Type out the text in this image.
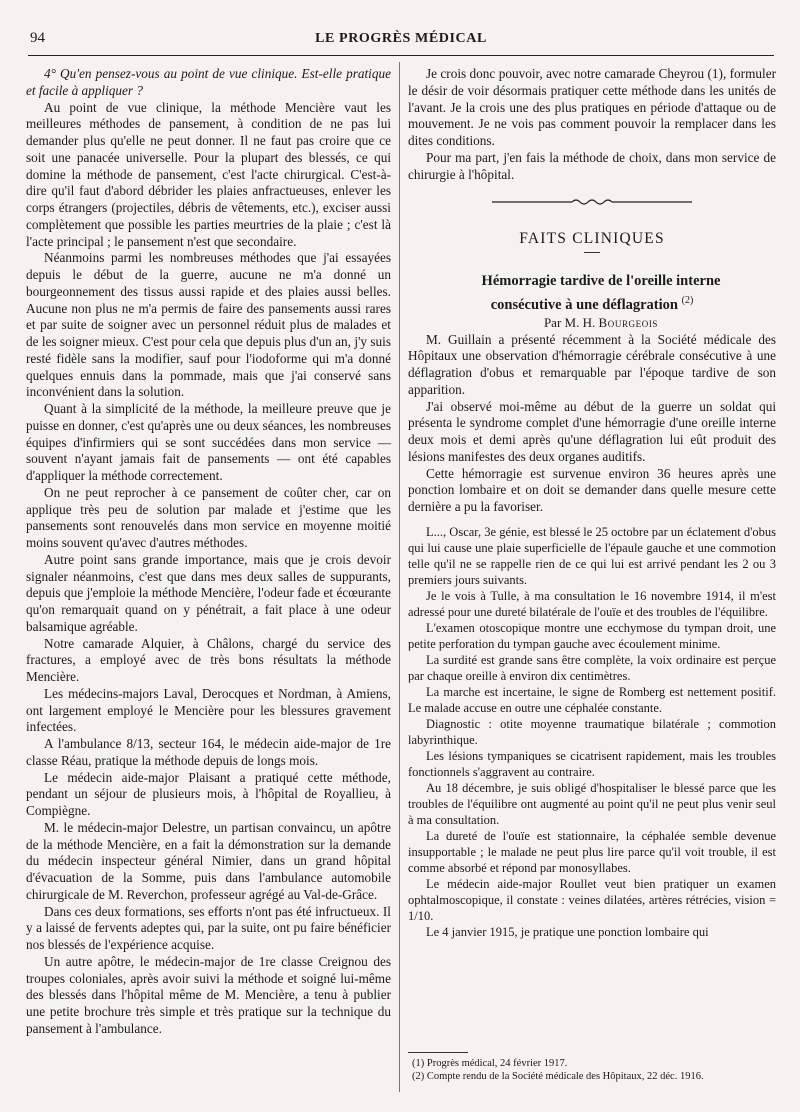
94	LE PROGRÈS MÉDICAL

4° Qu'en pensez-vous au point de vue clinique. Est-elle pratique et facile à appliquer ?

Au point de vue clinique, la méthode Mencière vaut les meilleures méthodes de pansement, à condition de ne pas lui demander plus qu'elle ne peut donner. Il ne faut pas croire que ce soit une panacée universelle. Pour la plupart des blessés, ce qui domine la méthode de pansement, c'est l'acte chirurgical. C'est-à-dire qu'il faut d'abord débrider les plaies anfractueuses, enlever les corps étrangers (projectiles, débris de vêtements, etc.), exciser aussi complètement que possible les parties meurtries de la plaie ; c'est là l'acte principal ; le pansement n'est que secondaire.

Néanmoins parmi les nombreuses méthodes que j'ai essayées depuis le début de la guerre, aucune ne m'a donné un bourgeonnement des tissus aussi rapide et des plaies aussi belles. Aucune non plus ne m'a permis de faire des pansements aussi rares et par suite de soigner avec un personnel réduit plus de malades et de les soigner mieux. C'est pour cela que depuis plus d'un an, j'y suis resté fidèle sans la modifier, sauf pour l'iodoforme qui m'a donné quelques ennuis dans la pommade, mais que j'ai conservé sans inconvénient dans la solution.

Quant à la simplicité de la méthode, la meilleure preuve que je puisse en donner, c'est qu'après une ou deux séances, les nombreuses équipes d'infirmiers qui se sont succédées dans mon service — souvent n'ayant jamais fait de pansements — ont été capables d'appliquer la méthode correctement.

On ne peut reprocher à ce pansement de coûter cher, car on applique très peu de solution par malade et j'estime que les pansements sont renouvelés dans mon service en moyenne moitié moins souvent qu'avec d'autres méthodes.

Autre point sans grande importance, mais que je crois devoir signaler néanmoins, c'est que dans mes deux salles de suppurants, depuis que j'emploie la méthode Mencière, l'odeur fade et écœurante qu'on remarquait quand on y pénétrait, a fait place à une odeur balsamique agréable.

Notre camarade Alquier, à Châlons, chargé du service des fractures, a employé avec de très bons résultats la méthode Mencière.

Les médecins-majors Laval, Derocques et Nordman, à Amiens, ont largement employé le Mencière pour les blessures gravement infectées.

A l'ambulance 8/13, secteur 164, le médecin aide-major de 1re classe Réau, pratique la méthode depuis de longs mois.

Le médecin aide-major Plaisant a pratiqué cette méthode, pendant un séjour de plusieurs mois, à l'hôpital de Royallieu, à Compiègne.

M. le médecin-major Delestre, un partisan convaincu, un apôtre de la méthode Mencière, en a fait la démonstration sur la demande du médecin inspecteur général Nimier, dans un grand hôpital d'évacuation de la Somme, puis dans l'ambulance automobile chirurgicale de M. Reverchon, professeur agrégé au Val-de-Grâce.

Dans ces deux formations, ses efforts n'ont pas été infructueux. Il y a laissé de fervents adeptes qui, par la suite, ont pu faire bénéficier nos blessés de l'expérience acquise.

Un autre apôtre, le médecin-major de 1re classe Creignou des troupes coloniales, après avoir suivi la méthode et soigné lui-même des blessés dans l'hôpital même de M. Mencière, a tenu à publier une petite brochure très simple et très pratique sur la technique du pansement à l'ambulance.

Je crois donc pouvoir, avec notre camarade Cheyrou (1), formuler le désir de voir désormais pratiquer cette méthode dans les unités de l'avant. Je la crois une des plus pratiques en période d'attaque ou de mouvement. Je ne vois pas comment pouvoir la remplacer dans les dites conditions.

Pour ma part, j'en fais la méthode de choix, dans mon service de chirurgie à l'hôpital.

FAITS CLINIQUES

Hémorragie tardive de l'oreille interne
consécutive à une déflagration $^{(2)}$

Par M. H. Bourgeois

M. Guillain a présenté récemment à la Société médicale des Hôpitaux une observation d'hémorragie cérébrale consécutive à une déflagration d'obus et remarquable par l'époque tardive de son apparition.

J'ai observé moi-même au début de la guerre un soldat qui présenta le syndrome complet d'une hémorragie d'une oreille interne deux mois et demi après qu'une déflagration lui eût produit des lésions manifestes des deux organes auditifs.

Cette hémorragie est survenue environ 36 heures après une ponction lombaire et on doit se demander dans quelle mesure cette dernière a pu la favoriser.

L..., Oscar, 3e génie, est blessé le 25 octobre par un éclatement d'obus qui lui cause une plaie superficielle de l'épaule gauche et une commotion telle qu'il ne se rappelle rien de ce qui lui est arrivé pendant les 2 ou 3 premiers jours suivants.

Je le vois à Tulle, à ma consultation le 16 novembre 1914, il m'est adressé pour une dureté bilatérale de l'ouïe et des troubles de l'équilibre.

L'examen otoscopique montre une ecchymose du tympan droit, une petite perforation du tympan gauche avec écoulement minime.

La surdité est grande sans être complète, la voix ordinaire est perçue par chaque oreille à environ dix centimètres.

La marche est incertaine, le signe de Romberg est nettement positif. Le malade accuse en outre une céphalée constante.

Diagnostic : otite moyenne traumatique bilatérale ; commotion labyrinthique.

Les lésions tympaniques se cicatrisent rapidement, mais les troubles fonctionnels s'aggravent au contraire.

Au 18 décembre, je suis obligé d'hospitaliser le blessé parce que les troubles de l'équilibre ont augmenté au point qu'il ne peut plus venir seul à ma consultation.

La dureté de l'ouïe est stationnaire, la céphalée semble devenue insupportable ; le malade ne peut plus lire parce qu'il voit trouble, il est comme absorbé et répond par monosyllabes.

Le médecin aide-major Roullet veut bien pratiquer un examen ophtalmoscopique, il constate : veines dilatées, artères rétrécies, vision = 1/10.

Le 4 janvier 1915, je pratique une ponction lombaire qui

(1) Progrès médical, 24 février 1917.

(2) Compte rendu de la Société médicale des Hôpitaux, 22 déc. 1916.
